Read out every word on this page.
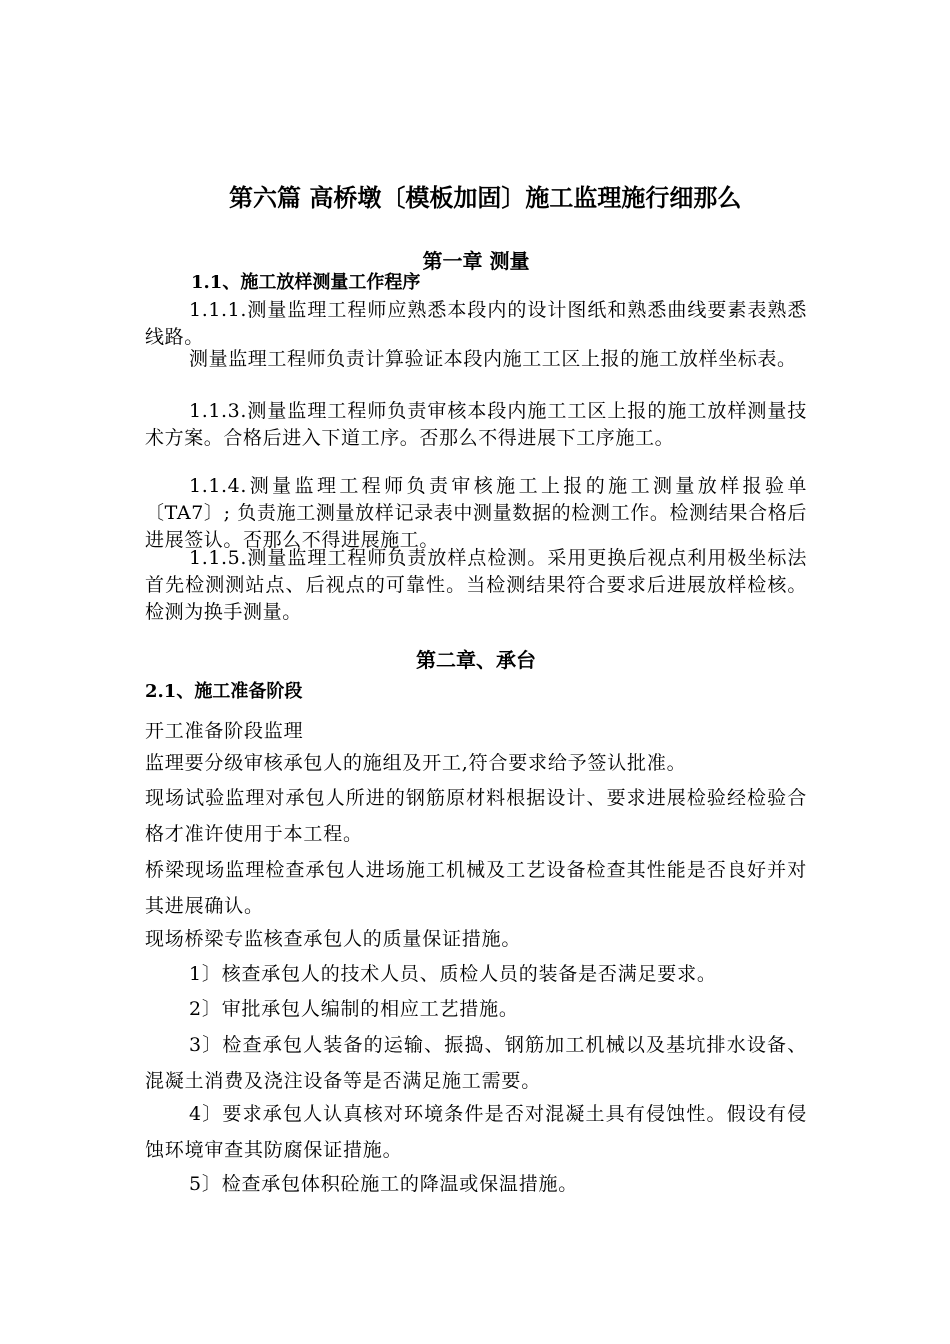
第六篇 高桥墩〔模板加固〕施工监理施行细那么
第一章 测量
1.1、施工放样测量工作程序

1.1.1.测量监理工程师应熟悉本段内的设计图纸和熟悉曲线要素表熟悉线路。

测量监理工程师负责计算验证本段内施工工区上报的施工放样坐标表。

1.1.3.测量监理工程师负责审核本段内施工工区上报的施工放样测量技术方案。合格后进入下道工序。否那么不得进展下工序施工。

1.1.4.测量监理工程师负责审核施工上报的施工测量放样报验单〔TA7〕; 负责施工测量放样记录表中测量数据的检测工作。检测结果合格后进展签认。否那么不得进展施工。

1.1.5.测量监理工程师负责放样点检测。采用更换后视点利用极坐标法首先检测测站点、后视点的可靠性。当检测结果符合要求后进展放样检核。检测为换手测量。

第二章、承台
2.1、施工准备阶段

开工准备阶段监理

监理要分级审核承包人的施组及开工,符合要求给予签认批准。

现场试验监理对承包人所进的钢筋原材料根据设计、要求进展检验经检验合格才准许使用于本工程。

桥梁现场监理检查承包人进场施工机械及工艺设备检查其性能是否良好并对其进展确认。

现场桥梁专监核查承包人的质量保证措施。

1〕核查承包人的技术人员、质检人员的装备是否满足要求。

2〕审批承包人编制的相应工艺措施。

3〕检查承包人装备的运输、振捣、钢筋加工机械以及基坑排水设备、混凝土消费及浇注设备等是否满足施工需要。

4〕要求承包人认真核对环境条件是否对混凝土具有侵蚀性。假设有侵蚀环境审查其防腐保证措施。

5〕检查承包体积砼施工的降温或保温措施。
